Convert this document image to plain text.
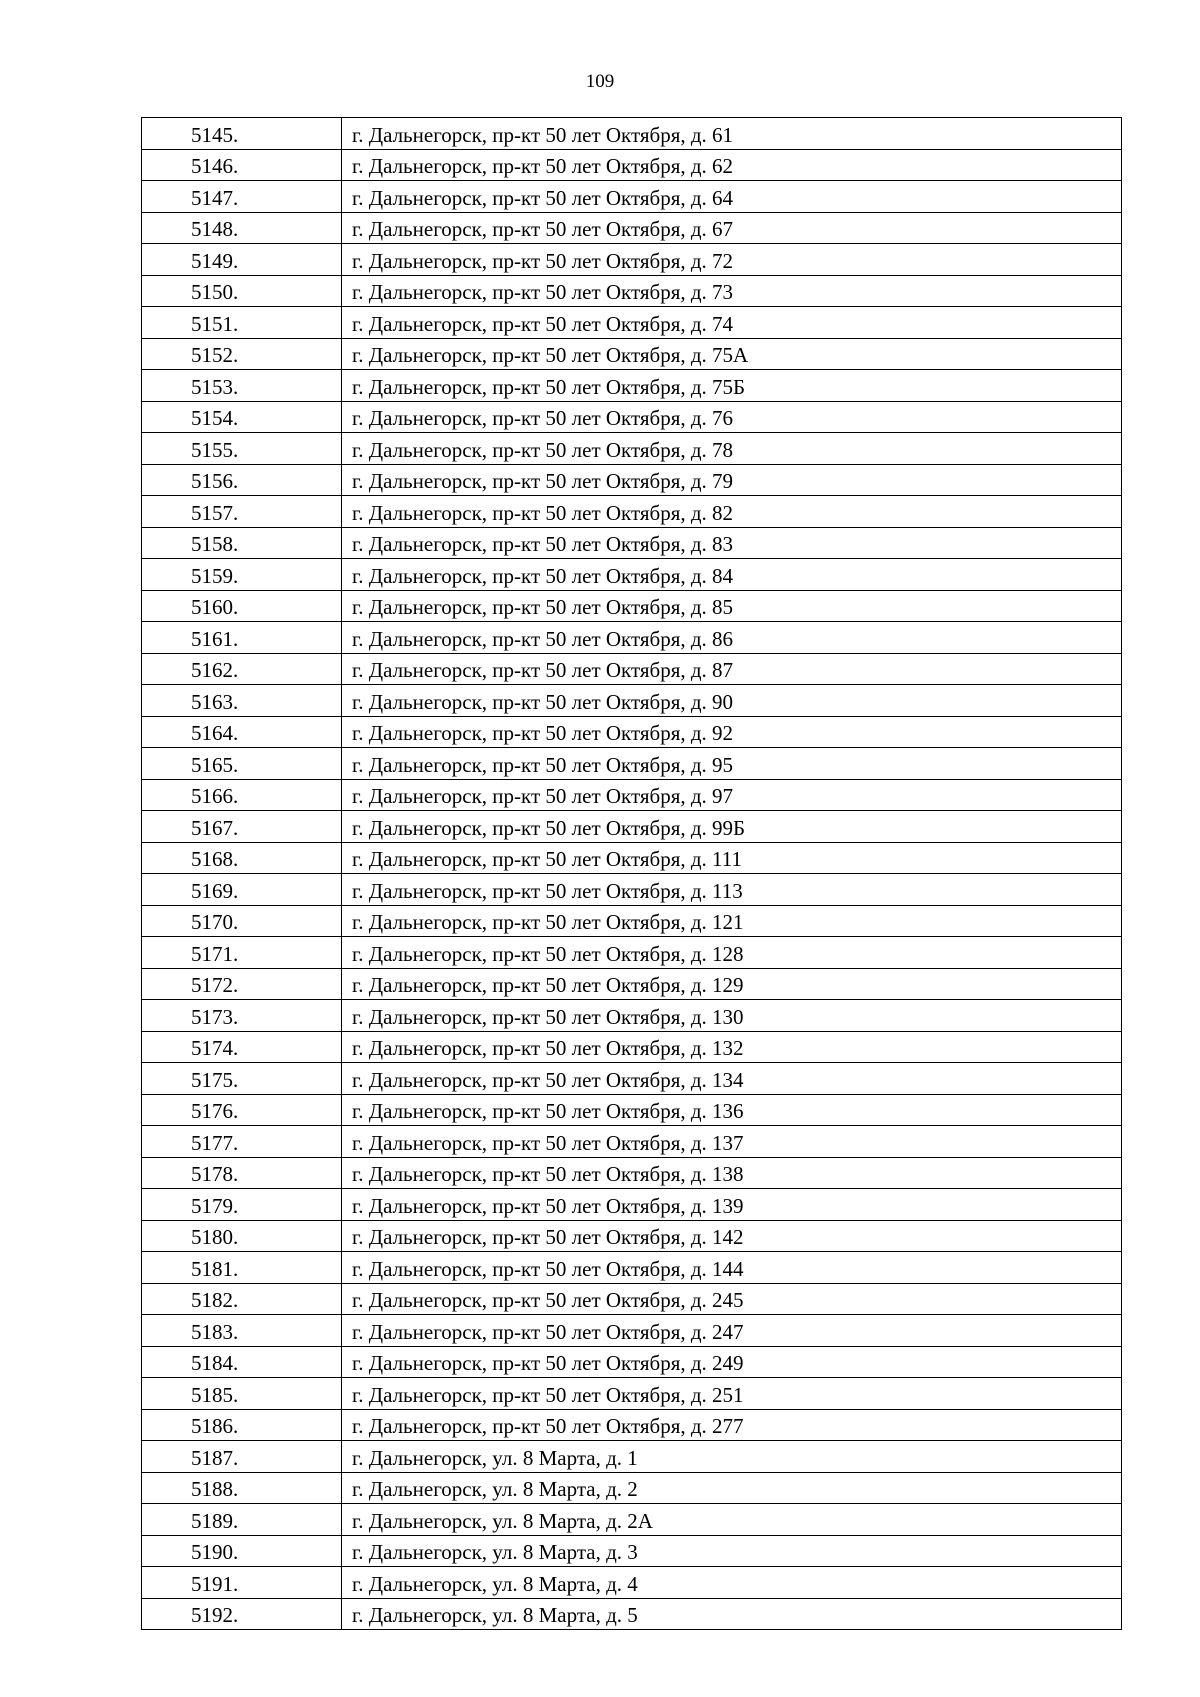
109
5145.	г. Дальнегорск, пр-кт 50 лет Октября, д. 61
5146.	г. Дальнегорск, пр-кт 50 лет Октября, д. 62
5147.	г. Дальнегорск, пр-кт 50 лет Октября, д. 64
5148.	г. Дальнегорск, пр-кт 50 лет Октября, д. 67
5149.	г. Дальнегорск, пр-кт 50 лет Октября, д. 72
5150.	г. Дальнегорск, пр-кт 50 лет Октября, д. 73
5151.	г. Дальнегорск, пр-кт 50 лет Октября, д. 74
5152.	г. Дальнегорск, пр-кт 50 лет Октября, д. 75А
5153.	г. Дальнегорск, пр-кт 50 лет Октября, д. 75Б
5154.	г. Дальнегорск, пр-кт 50 лет Октября, д. 76
5155.	г. Дальнегорск, пр-кт 50 лет Октября, д. 78
5156.	г. Дальнегорск, пр-кт 50 лет Октября, д. 79
5157.	г. Дальнегорск, пр-кт 50 лет Октября, д. 82
5158.	г. Дальнегорск, пр-кт 50 лет Октября, д. 83
5159.	г. Дальнегорск, пр-кт 50 лет Октября, д. 84
5160.	г. Дальнегорск, пр-кт 50 лет Октября, д. 85
5161.	г. Дальнегорск, пр-кт 50 лет Октября, д. 86
5162.	г. Дальнегорск, пр-кт 50 лет Октября, д. 87
5163.	г. Дальнегорск, пр-кт 50 лет Октября, д. 90
5164.	г. Дальнегорск, пр-кт 50 лет Октября, д. 92
5165.	г. Дальнегорск, пр-кт 50 лет Октября, д. 95
5166.	г. Дальнегорск, пр-кт 50 лет Октября, д. 97
5167.	г. Дальнегорск, пр-кт 50 лет Октября, д. 99Б
5168.	г. Дальнегорск, пр-кт 50 лет Октября, д. 111
5169.	г. Дальнегорск, пр-кт 50 лет Октября, д. 113
5170.	г. Дальнегорск, пр-кт 50 лет Октября, д. 121
5171.	г. Дальнегорск, пр-кт 50 лет Октября, д. 128
5172.	г. Дальнегорск, пр-кт 50 лет Октября, д. 129
5173.	г. Дальнегорск, пр-кт 50 лет Октября, д. 130
5174.	г. Дальнегорск, пр-кт 50 лет Октября, д. 132
5175.	г. Дальнегорск, пр-кт 50 лет Октября, д. 134
5176.	г. Дальнегорск, пр-кт 50 лет Октября, д. 136
5177.	г. Дальнегорск, пр-кт 50 лет Октября, д. 137
5178.	г. Дальнегорск, пр-кт 50 лет Октября, д. 138
5179.	г. Дальнегорск, пр-кт 50 лет Октября, д. 139
5180.	г. Дальнегорск, пр-кт 50 лет Октября, д. 142
5181.	г. Дальнегорск, пр-кт 50 лет Октября, д. 144
5182.	г. Дальнегорск, пр-кт 50 лет Октября, д. 245
5183.	г. Дальнегорск, пр-кт 50 лет Октября, д. 247
5184.	г. Дальнегорск, пр-кт 50 лет Октября, д. 249
5185.	г. Дальнегорск, пр-кт 50 лет Октября, д. 251
5186.	г. Дальнегорск, пр-кт 50 лет Октября, д. 277
5187.	г. Дальнегорск, ул. 8 Марта, д. 1
5188.	г. Дальнегорск, ул. 8 Марта, д. 2
5189.	г. Дальнегорск, ул. 8 Марта, д. 2А
5190.	г. Дальнегорск, ул. 8 Марта, д. 3
5191.	г. Дальнегорск, ул. 8 Марта, д. 4
5192.	г. Дальнегорск, ул. 8 Марта, д. 5
